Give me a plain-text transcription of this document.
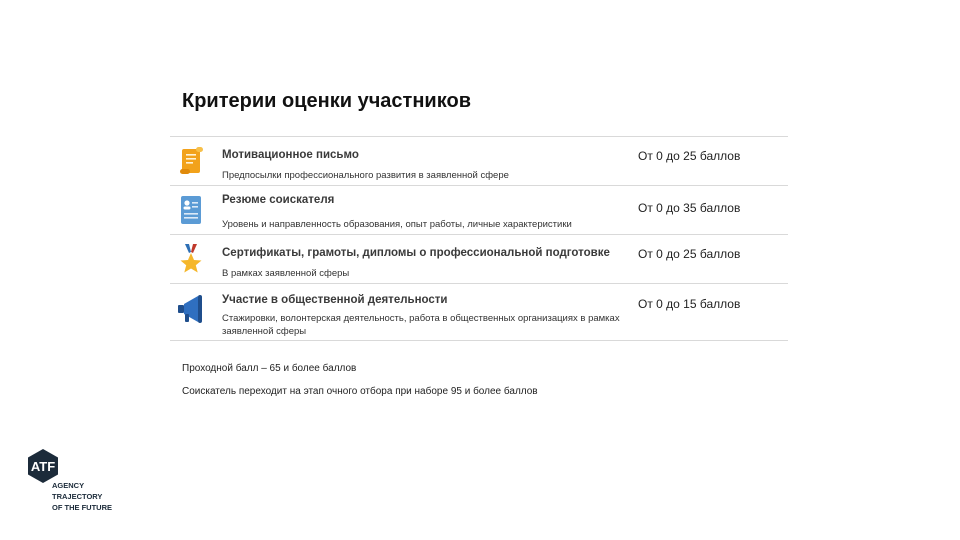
Критерии оценки участников
Мотивационное письмо
Предпосылки профессионального развития в заявленной сфере
От 0 до 25 баллов
Резюме соискателя
Уровень и направленность образования, опыт работы, личные характеристики
От 0 до 35 баллов
Сертификаты, грамоты, дипломы о профессиональной подготовке
В рамках заявленной сферы
От 0 до 25 баллов
Участие в общественной деятельности
Стажировки, волонтерская деятельность, работа в общественных организациях в рамках заявленной сферы
От 0 до 15 баллов
Проходной балл – 65 и более баллов
Соискатель переходит на этап очного отбора при наборе 95 и более баллов
ATF
AGENCY
TRAJECTORY
OF THE FUTURE
